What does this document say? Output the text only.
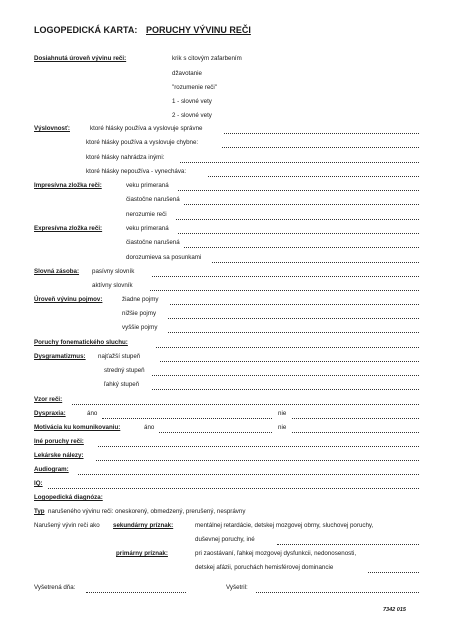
LOGOPEDICKÁ KARTA: PORUCHY VÝVINU REČI
Dosiahnutá úroveň vývinu reči:	krik s citovým zafarbením
džavotanie
"rozumenie reči"
1 - slovné vety
2 - slovné vety
Výslovnosť:	ktoré hlásky používa a vyslovuje správne
ktoré hlásky používa a vyslovuje chybne:
ktoré hlásky nahrádza inými:
ktoré hlásky nepoužíva - vynecháva:
Impresívna zložka reči:	veku primeraná
čiastočne narušená
nerozumie reči
Expresívna zložka reči:	veku primeraná
čiastočne narušená
dorozumieva sa posunkami
Slovná zásoba: pasívny slovník
aktívny slovník
Úroveň vývinu pojmov:	žiadne pojmy
nižšie pojmy
vyššie pojmy
Poruchy fonematického sluchu:
Dysgramatizmus: najťažší stupeň
stredný stupeň
ľahký stupeň
Vzor reči:
Dyspraxia:	áno	nie
Motivácia ku komunikovaniu:	áno	nie
Iné poruchy reči:
Lekárske nálezy:
Audiogram:
IQ:
Logopedická diagnóza:
Typ narušeného vývinu reči: oneskorený, obmedzený, prerušený, nesprávny
Narušený vývin reči ako sekundárny príznak:	mentálnej retardácie, detskej mozgovej obrny, sluchovej poruchy,
duševnej poruchy, iné
primárny príznak:	pri zaostávaní, ľahkej mozgovej dysfunkcii, nedonosenosti,
detskej afázii, poruchách hemisférovej dominancie
Vyšetrená dňa:	Vyšetril:
7342 015
